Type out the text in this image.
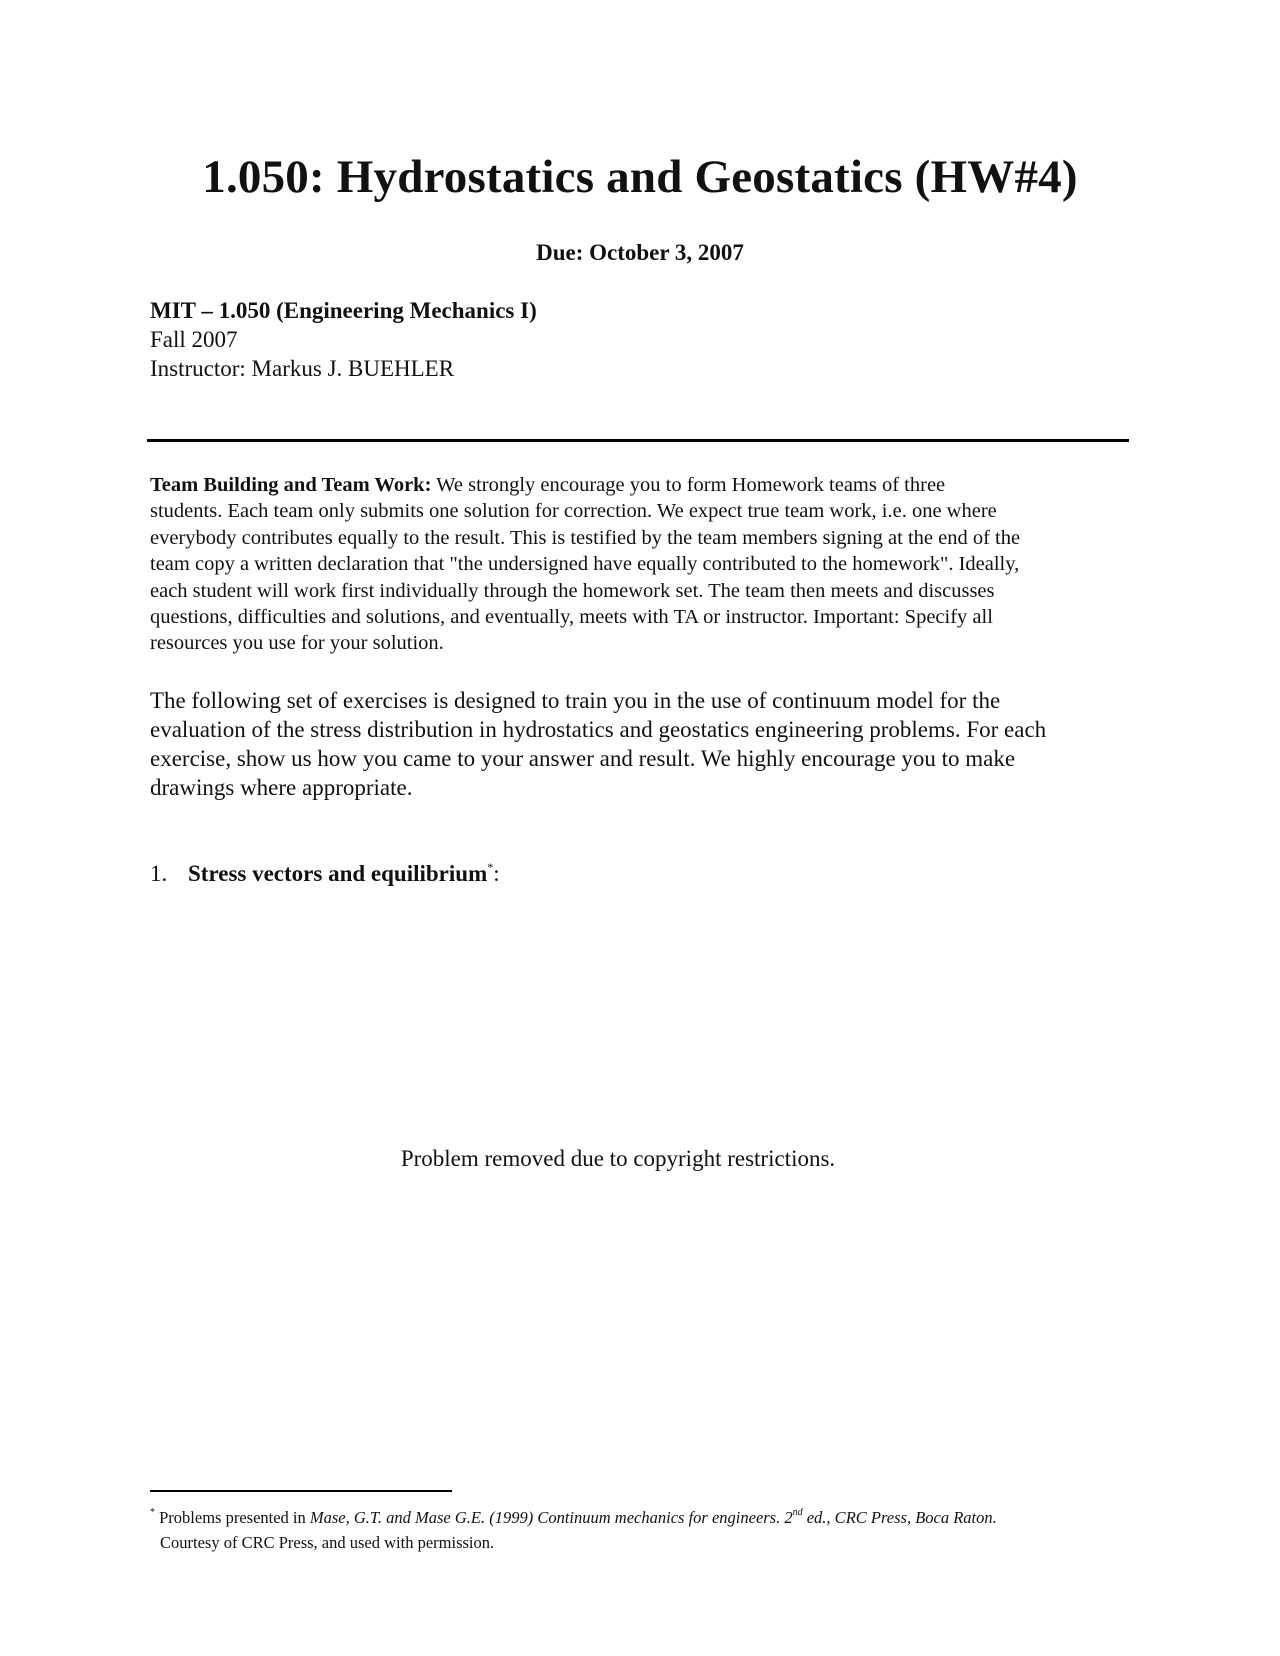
1.050: Hydrostatics and Geostatics (HW#4)
Due: October 3, 2007
MIT – 1.050 (Engineering Mechanics I)
Fall 2007
Instructor: Markus J. BUEHLER
Team Building and Team Work: We strongly encourage you to form Homework teams of three
students. Each team only submits one solution for correction. We expect true team work, i.e. one where
everybody contributes equally to the result. This is testified by the team members signing at the end of the
team copy a written declaration that "the undersigned have equally contributed to the homework". Ideally,
each student will work first individually through the homework set. The team then meets and discusses
questions, difficulties and solutions, and eventually, meets with TA or instructor. Important: Specify all
resources you use for your solution.
The following set of exercises is designed to train you in the use of continuum model for the
evaluation of the stress distribution in hydrostatics and geostatics engineering problems. For each
exercise, show us how you came to your answer and result. We highly encourage you to make
drawings where appropriate.
1. Stress vectors and equilibrium*:
Problem removed due to copyright restrictions.
* Problems presented in Mase, G.T. and Mase G.E. (1999) Continuum mechanics for engineers. 2nd ed., CRC Press, Boca Raton.
Courtesy of CRC Press, and used with permission.
